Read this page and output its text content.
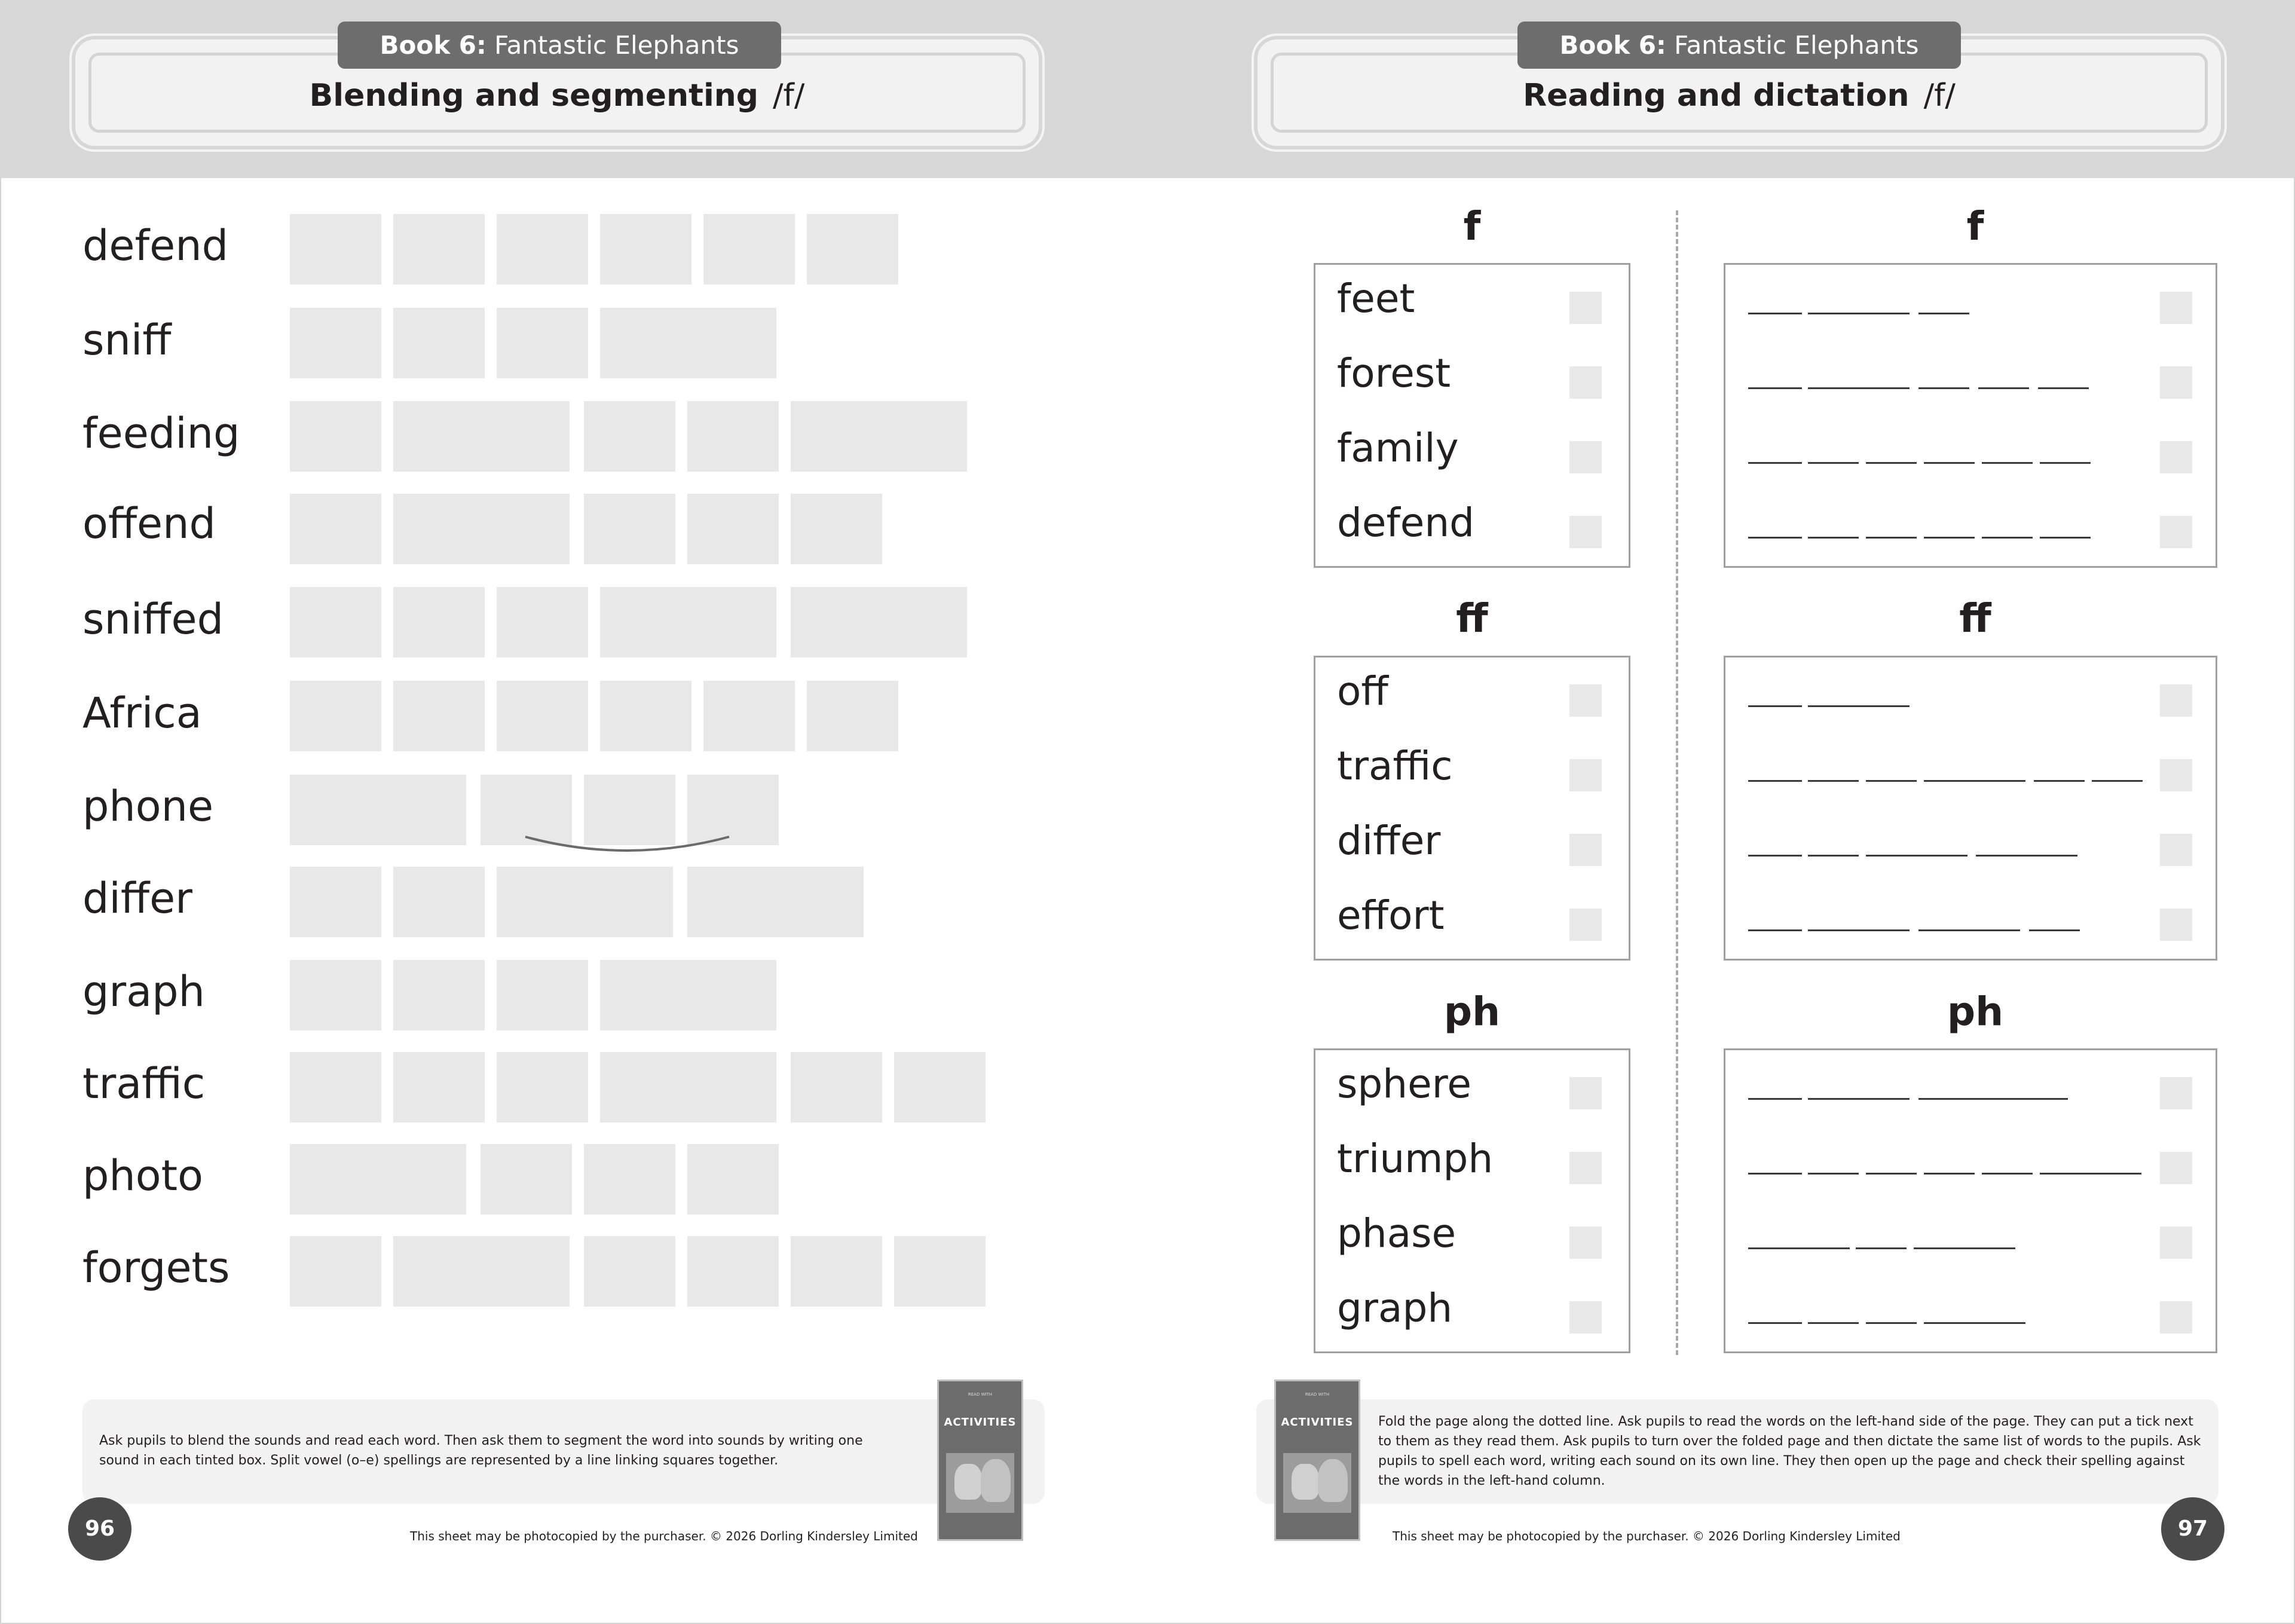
Blending and segmenting /f/
Book 6: Fantastic Elephants
Reading and dictation /f/
Book 6: Fantastic Elephants
defend
sniff
feeding
offend
sniffed
Africa
phone
differ
graph
traffic
photo
forgets
f	f
feet
forest
family
defend
ff	ff
off
traffic
differ
effort
ph	ph
sphere
triumph
phase
graph
Ask pupils to blend the sounds and read each word. Then ask them to segment the word into sounds by writing one sound in each tinted box. Split vowel (o–e) spellings are represented by a line linking squares together.
READ WITH
ACTIVITIES
96	This sheet may be photocopied by the purchaser. © 2026 Dorling Kindersley Limited
READ WITH
ACTIVITIES	Fold the page along the dotted line. Ask pupils to read the words on the left-hand side of the page. They can put a tick next to them as they read them. Ask pupils to turn over the folded page and then dictate the same list of words to the pupils. Ask pupils to spell each word, writing each sound on its own line. They then open up the page and check their spelling against the words in the left-hand column.
97
This sheet may be photocopied by the purchaser. © 2026 Dorling Kindersley Limited
